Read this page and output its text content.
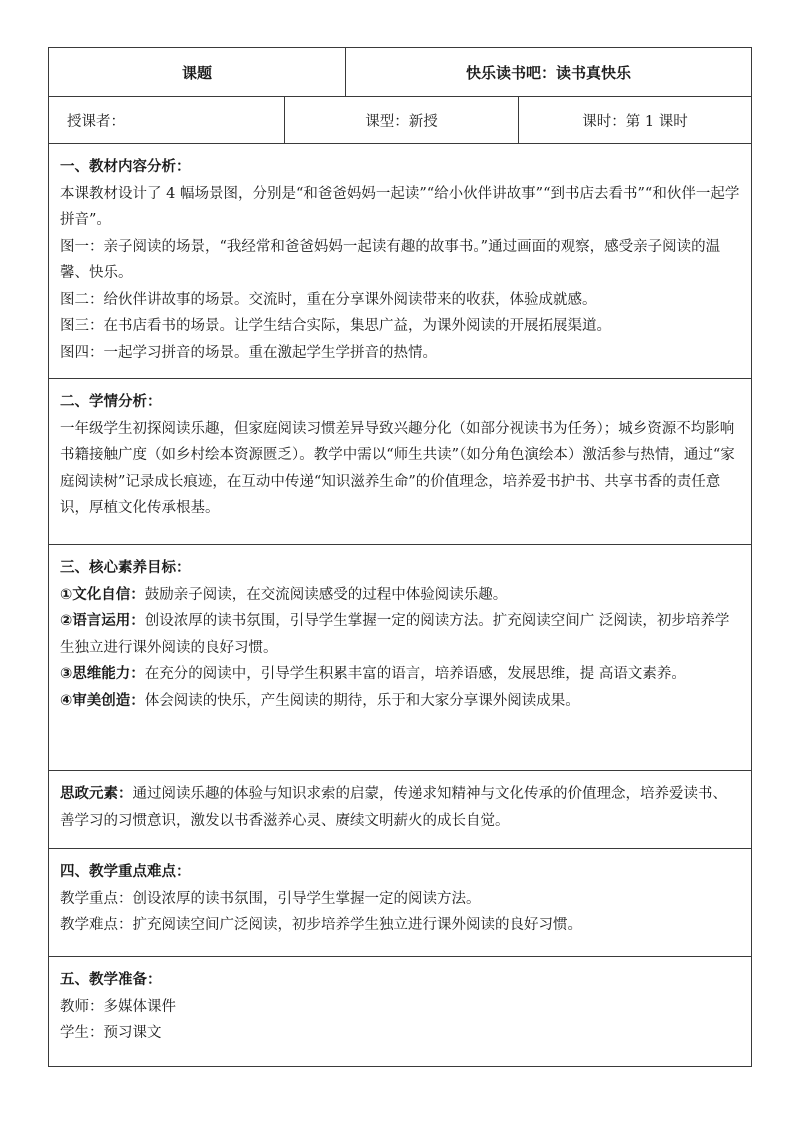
课题	快乐读书吧：读书真快乐
授课者：	课型：新授	课时：第 1 课时
一、教材内容分析：

本课教材设计了 4 幅场景图，分别是“和爸爸妈妈一起读”“给小伙伴讲故事”“到书店去看书”“和伙伴一起学拼音”。

图一：亲子阅读的场景，“我经常和爸爸妈妈一起读有趣的故事书。”通过画面的观察，感受亲子阅读的温馨、快乐。

图二：给伙伴讲故事的场景。交流时，重在分享课外阅读带来的收获，体验成就感。

图三：在书店看书的场景。让学生结合实际，集思广益，为课外阅读的开展拓展渠道。

图四：一起学习拼音的场景。重在激起学生学拼音的热情。

二、学情分析：

一年级学生初探阅读乐趣，但家庭阅读习惯差异导致兴趣分化（如部分视读书为任务）；城乡资源不均影响书籍接触广度（如乡村绘本资源匮乏）。教学中需以“师生共读”（如分角色演绘本）激活参与热情，通过“家庭阅读树”记录成长痕迹，在互动中传递“知识滋养生命”的价值理念，培养爱书护书、共享书香的责任意识，厚植文化传承根基。

三、核心素养目标：

①文化自信：鼓励亲子阅读，在交流阅读感受的过程中体验阅读乐趣。

②语言运用：创设浓厚的读书氛围，引导学生掌握一定的阅读方法。扩充阅读空间广 泛阅读，初步培养学生独立进行课外阅读的良好习惯。

③思维能力：在充分的阅读中，引导学生积累丰富的语言，培养语感，发展思维，提 高语文素养。

④审美创造：体会阅读的快乐，产生阅读的期待，乐于和大家分享课外阅读成果。

思政元素：通过阅读乐趣的体验与知识求索的启蒙，传递求知精神与文化传承的价值理念，培养爱读书、善学习的习惯意识，激发以书香滋养心灵、赓续文明薪火的成长自觉。

四、教学重点难点：

教学重点：创设浓厚的读书氛围，引导学生掌握一定的阅读方法。

教学难点：扩充阅读空间广泛阅读，初步培养学生独立进行课外阅读的良好习惯。

五、教学准备：

教师：多媒体课件

学生：预习课文
